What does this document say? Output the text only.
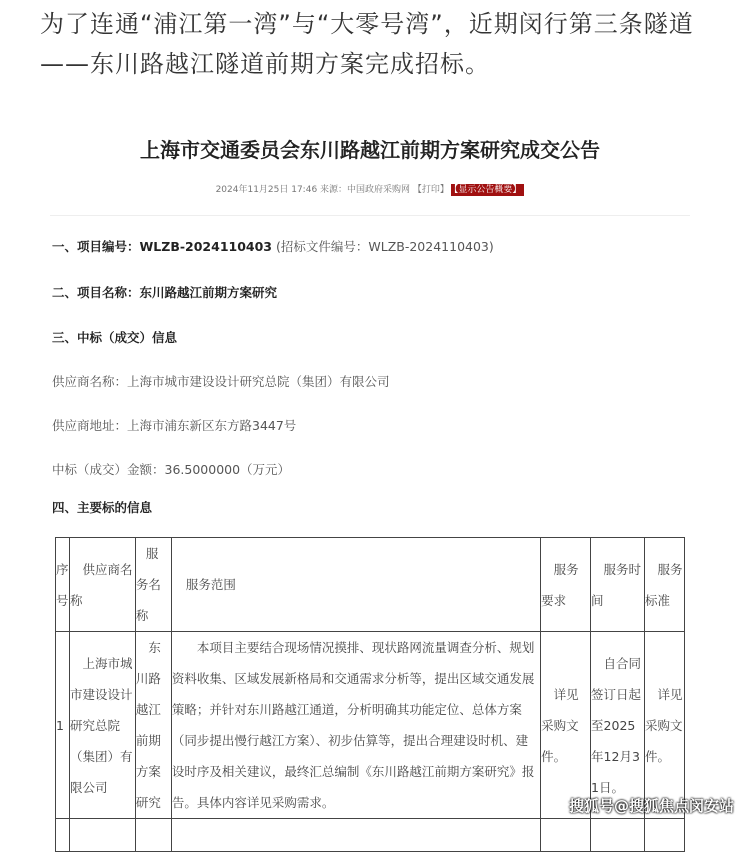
为了连通“浦江第一湾”与“大零号湾”，近期闵行第三条隧道——东川路越江隧道前期方案完成招标。
上海市交通委员会东川路越江前期方案研究成交公告
2024年11月25日 17:46 来源：中国政府采购网 【打印】 【显示公告概要】
一、项目编号：WLZB-2024110403 (招标文件编号：WLZB-2024110403)
二、项目名称：东川路越江前期方案研究
三、中标（成交）信息
供应商名称：上海市城市建设设计研究总院（集团）有限公司
供应商地址：上海市浦东新区东方路3447号
中标（成交）金额：36.5000000（万元）
四、主要标的信息
序号	供应商名称	服务名称	服务范围	服务要求	服务时间	服务标准
1	上海市城市建设设计研究总院（集团）有限公司	东川路越江前期方案研究	本项目主要结合现场情况摸排、现状路网流量调查分析、规划资料收集、区域发展新格局和交通需求分析等，提出区域交通发展策略；并针对东川路越江通道，分析明确其功能定位、总体方案（同步提出慢行越江方案）、初步估算等，提出合理建设时机、建设时序及相关建议，最终汇总编制《东川路越江前期方案研究》报告。具体内容详见采购需求。	详见采购文件。	自合同签订日起至2025年12月31日。	详见采购文件。

搜狐号@搜狐焦点闵安站
